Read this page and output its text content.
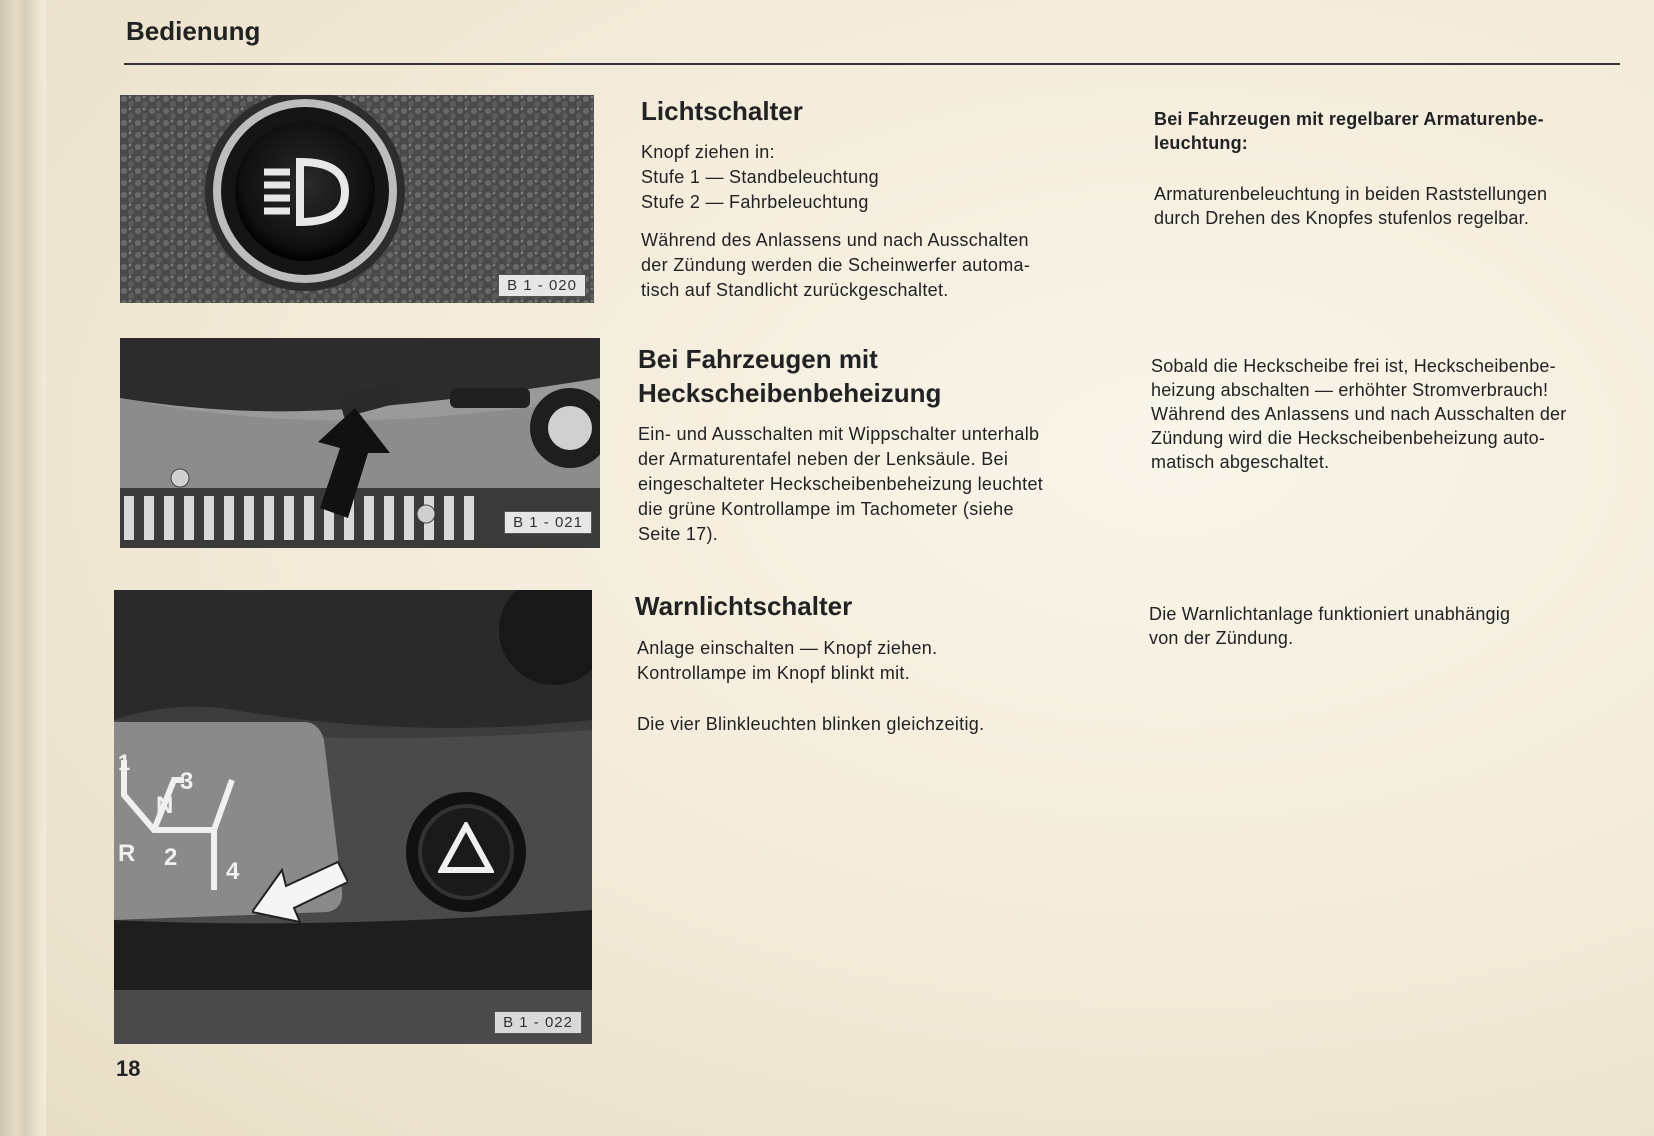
Bedienung
B 1 - 020
B 1 - 021
1
3
N
R 2
4
B 1 - 022
Lichtschalter

Knopf ziehen in:

Stufe 1 — Standbeleuchtung

Stufe 2 — Fahrbeleuchtung

Während des Anlassens und nach Ausschalten

der Zündung werden die Scheinwerfer automa-

tisch auf Standlicht zurückgeschaltet.

Bei Fahrzeugen mit regelbarer Armaturenbe-

leuchtung:

Armaturenbeleuchtung in beiden Raststellungen

durch Drehen des Knopfes stufenlos regelbar.

Bei Fahrzeugen mit
Heckscheibenbeheizung

Ein- und Ausschalten mit Wippschalter unterhalb

der Armaturentafel neben der Lenksäule. Bei

eingeschalteter Heckscheibenbeheizung leuchtet

die grüne Kontrollampe im Tachometer (siehe

Seite 17).

Sobald die Heckscheibe frei ist, Heckscheibenbe-

heizung abschalten — erhöhter Stromverbrauch!

Während des Anlassens und nach Ausschalten der

Zündung wird die Heckscheibenbeheizung auto-

matisch abgeschaltet.

Warnlichtschalter

Anlage einschalten — Knopf ziehen.

Kontrollampe im Knopf blinkt mit.

Die vier Blinkleuchten blinken gleichzeitig.

Die Warnlichtanlage funktioniert unabhängig

von der Zündung.

18
